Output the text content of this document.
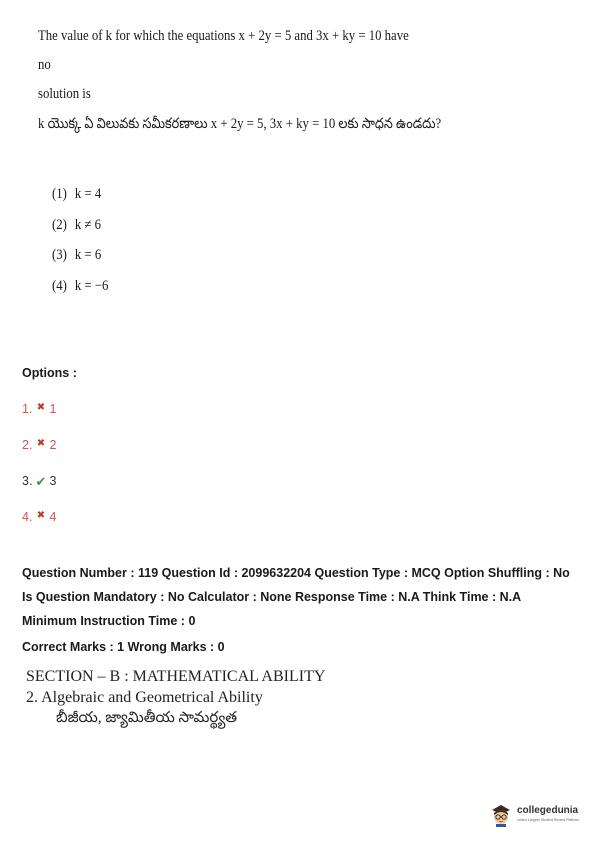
The value of k for which the equations x + 2y = 5 and 3x + ky = 10 have no
solution is
k యొక్క ఏ విలువకు సమీకరణాలు x + 2y = 5, 3x + ky = 10 లకు సాధన ఉండదు?
(1) k = 4
(2) k ≠ 6
(3) k = 6
(4) k = −6
Options :
1. ✖ 1
2. ✖ 2
3. ✔ 3
4. ✖ 4
Question Number : 119 Question Id : 2099632204 Question Type : MCQ Option Shuffling : No
Is Question Mandatory : No Calculator : None Response Time : N.A Think Time : N.A
Minimum Instruction Time : 0
Correct Marks : 1 Wrong Marks : 0
SECTION – B : MATHEMATICAL ABILITY
2. Algebraic and Geometrical Ability
బీజీయ, జ్యామితీయ సామర్థ్యత
collegedunia
India's Largest Student Review Platform
